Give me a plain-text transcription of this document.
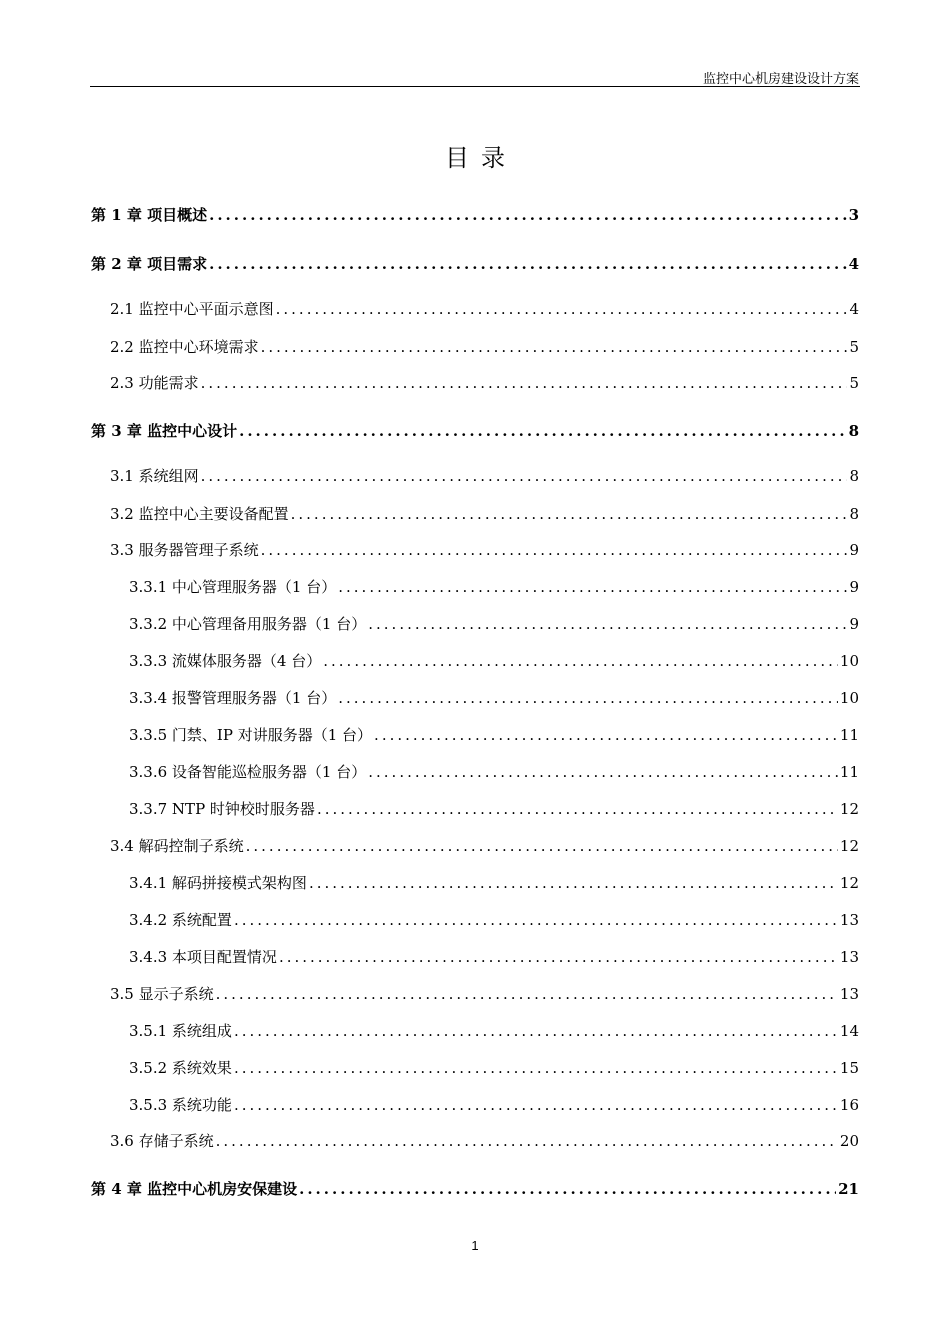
监控中心机房建设设计方案
目录
第 1 章 项目概述 .....	3
第 2 章 项目需求 .....	4
2.1 监控中心平面示意图 .....	4
2.2 监控中心环境需求 .....	5
2.3 功能需求 .....	5
第 3 章 监控中心设计 .....	8
3.1 系统组网 .....	8
3.2 监控中心主要设备配置 .....	8
3.3 服务器管理子系统 .....	9
3.3.1 中心管理服务器（1 台） .....	9
3.3.2 中心管理备用服务器（1 台） .....	9
3.3.3 流媒体服务器（4 台） .....	10
3.3.4 报警管理服务器（1 台） .....	10
3.3.5 门禁、IP 对讲服务器（1 台） .....	11
3.3.6 设备智能巡检服务器（1 台） .....	11
3.3.7 NTP 时钟校时服务器 .....	12
3.4 解码控制子系统 .....	12
3.4.1 解码拼接模式架构图 .....	12
3.4.2 系统配置 .....	13
3.4.3 本项目配置情况 .....	13
3.5 显示子系统 .....	13
3.5.1 系统组成 .....	14
3.5.2 系统效果 .....	15
3.5.3 系统功能 .....	16
3.6 存储子系统 .....	20
第 4 章 监控中心机房安保建设 .....	21
1
